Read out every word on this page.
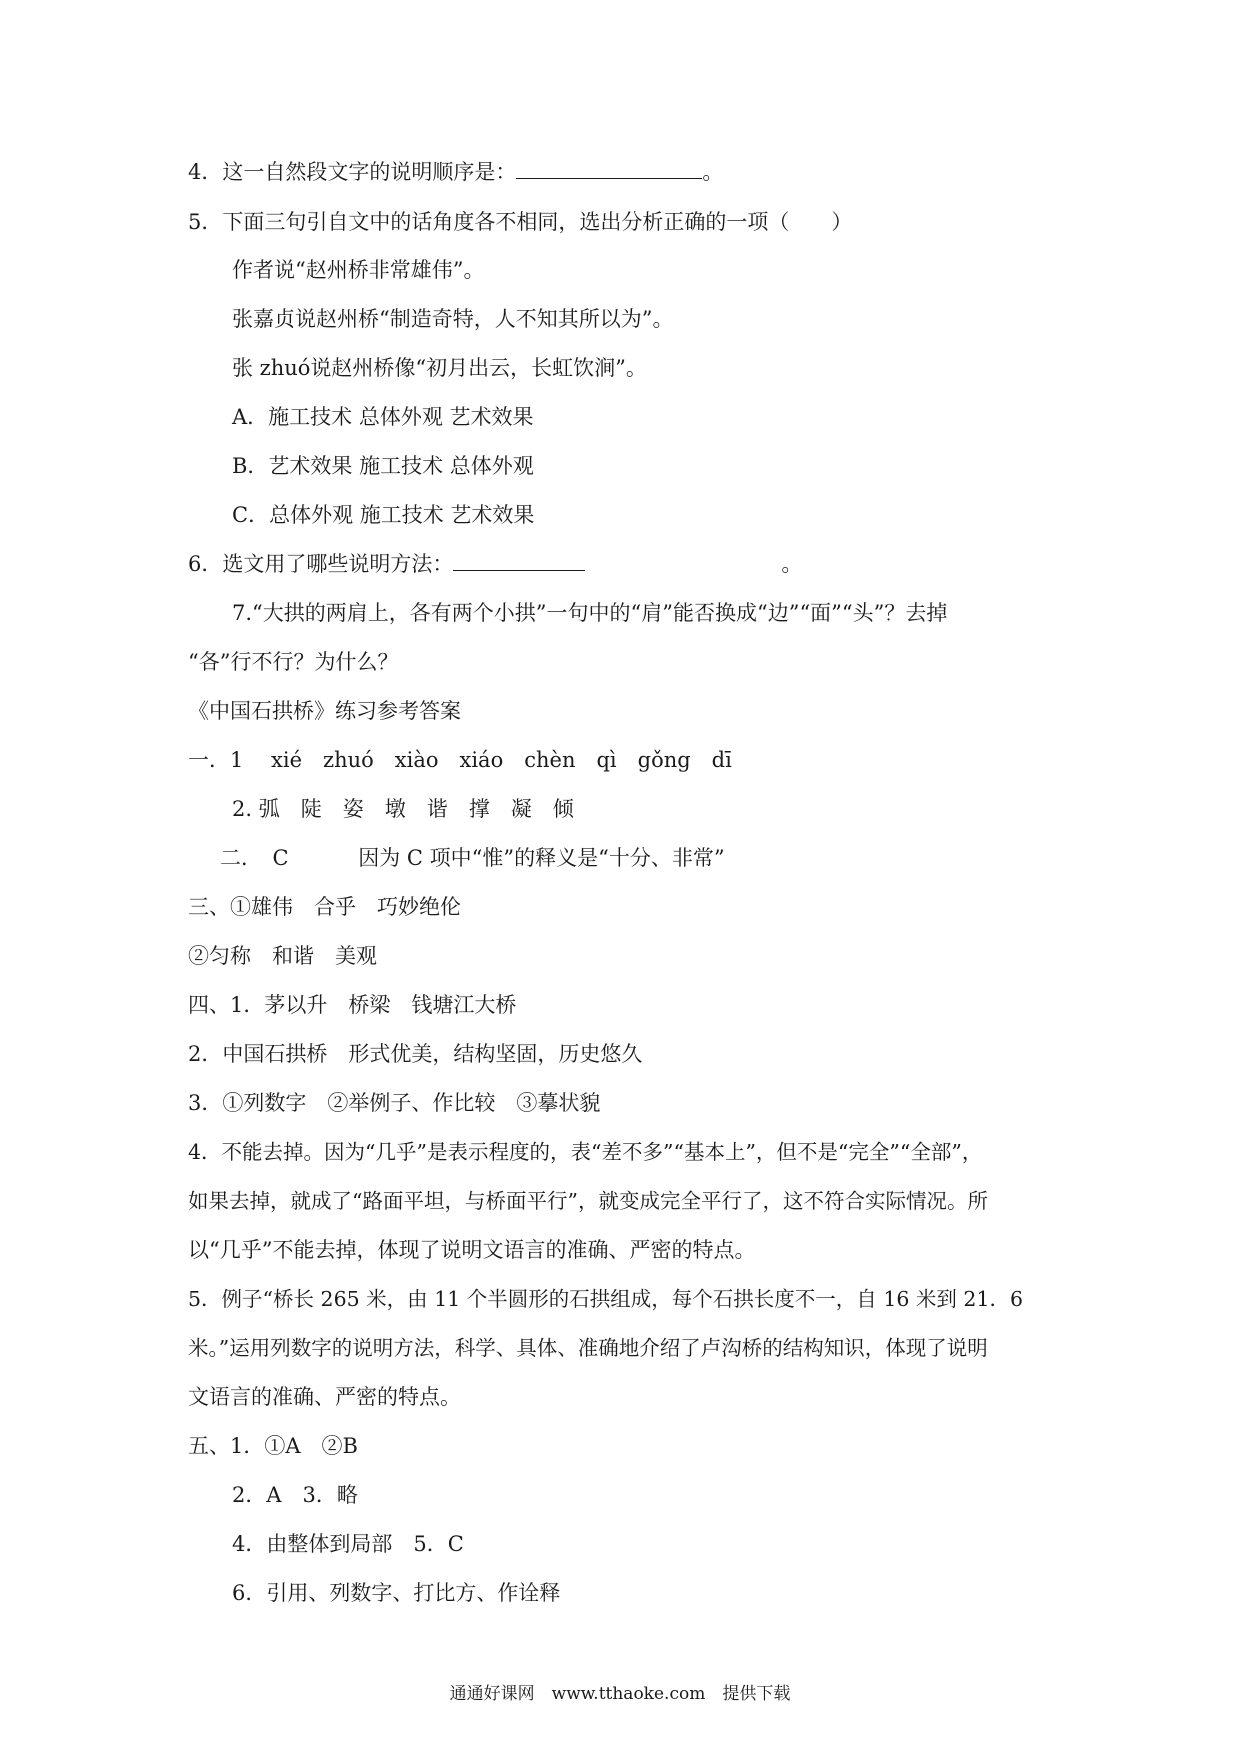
4．这一自然段文字的说明顺序是：	。
5．下面三句引自文中的话角度各不相同，选出分析正确的一项（　　）
作者说“赵州桥非常雄伟”。
张嘉贞说赵州桥“制造奇特，人不知其所以为”。
张 zhuó说赵州桥像“初月出云，长虹饮涧”。
A．施工技术 总体外观 艺术效果
B．艺术效果 施工技术 总体外观
C．总体外观 施工技术 艺术效果
6．选文用了哪些说明方法：	。
7.“大拱的两肩上，各有两个小拱”一句中的“肩”能否换成“边”“面”“头”？去掉
“各”行不行？为什么？
《中国石拱桥》练习参考答案
一．1　 xié　zhuó　xiào　xiáo　chèn　qì　gǒng　dī
2. 弧　陡　姿　墩　谐　撑　凝　倾
二．　C　　　 因为 C 项中“惟”的释义是“十分、非常”
三、①雄伟　合乎　巧妙绝伦
②匀称　和谐　美观
四、1．茅以升　桥梁　钱塘江大桥
2．中国石拱桥　形式优美，结构坚固，历史悠久
3．①列数字　②举例子、作比较　③摹状貌
4．不能去掉。因为“几乎”是表示程度的，表“差不多”“基本上”，但不是“完全”“全部”，
如果去掉，就成了“路面平坦，与桥面平行”，就变成完全平行了，这不符合实际情况。所
以“几乎”不能去掉，体现了说明文语言的准确、严密的特点。
5．例子“桥长 265 米，由 11 个半圆形的石拱组成，每个石拱长度不一，自 16 米到 21．6
米。”运用列数字的说明方法，科学、具体、准确地介绍了卢沟桥的结构知识，体现了说明
文语言的准确、严密的特点。
五、1．①A　②B
2．A　3．略
4．由整体到局部　5．C
6．引用、列数字、打比方、作诠释
通通好课网　www.tthaoke.com　提供下载
